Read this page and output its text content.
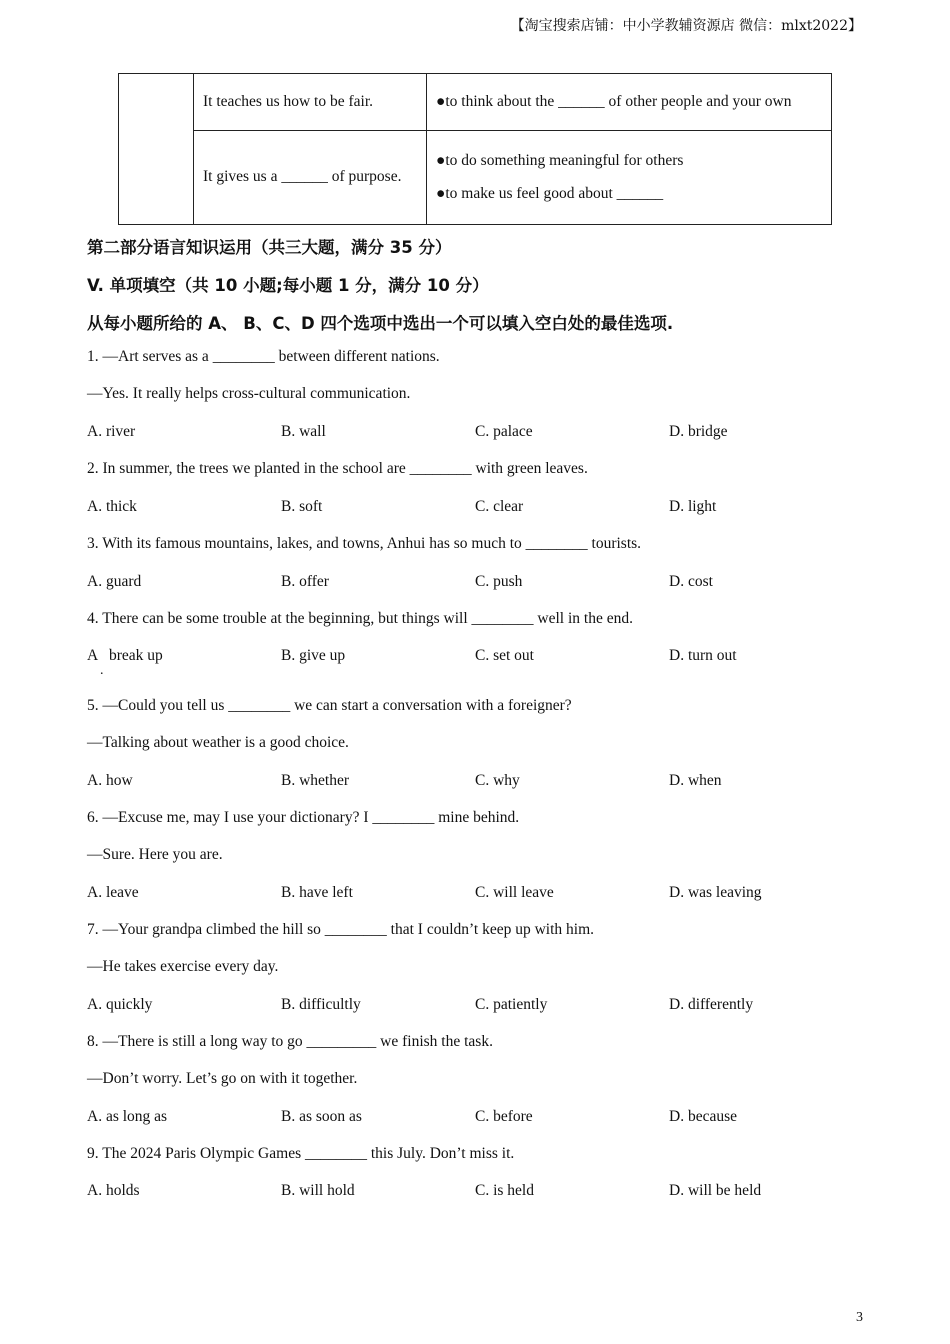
【淘宝搜索店铺：中小学教辅资源店 微信：mlxt2022】
	It teaches us how to be fair.	●to think about the ______ of other people and your own
	It gives us a ______ of purpose.	●to do something meaningful for others
●to make us feel good about ______
第二部分语言知识运用（共三大题，满分 35 分）
V. 单项填空（共 10 小题;每小题 1 分，满分 10 分）
从每小题所给的 A、 B、C、D 四个选项中选出一个可以填入空白处的最佳选项.
1. —Art serves as a ________ between different nations.
—Yes. It really helps cross-cultural communication.
A. river	B. wall	C. palace	D. bridge
2. In summer, the trees we planted in the school are ________ with green leaves.
A. thick	B. soft	C. clear	D. light
3. With its famous mountains, lakes, and towns, Anhui has so much to ________ tourists.
A. guard	B. offer	C. push	D. cost
4. There can be some trouble at the beginning, but things will ________ well in the end.
A   break up
.
B. give up	C. set out	D. turn out
5. —Could you tell us ________ we can start a conversation with a foreigner?
—Talking about weather is a good choice.
A. how	B. whether	C. why	D. when
6. —Excuse me, may I use your dictionary? I ________ mine behind.
—Sure. Here you are.
A. leave	B. have left	C. will leave	D. was leaving
7. —Your grandpa climbed the hill so ________ that I couldn’t keep up with him.
—He takes exercise every day.
A. quickly	B. difficultly	C. patiently	D. differently
8. —There is still a long way to go _________ we finish the task.
—Don’t worry. Let’s go on with it together.
A. as long as	B. as soon as	C. before	D. because
9. The 2024 Paris Olympic Games ________ this July. Don’t miss it.
A. holds	B. will hold	C. is held	D. will be held
3
